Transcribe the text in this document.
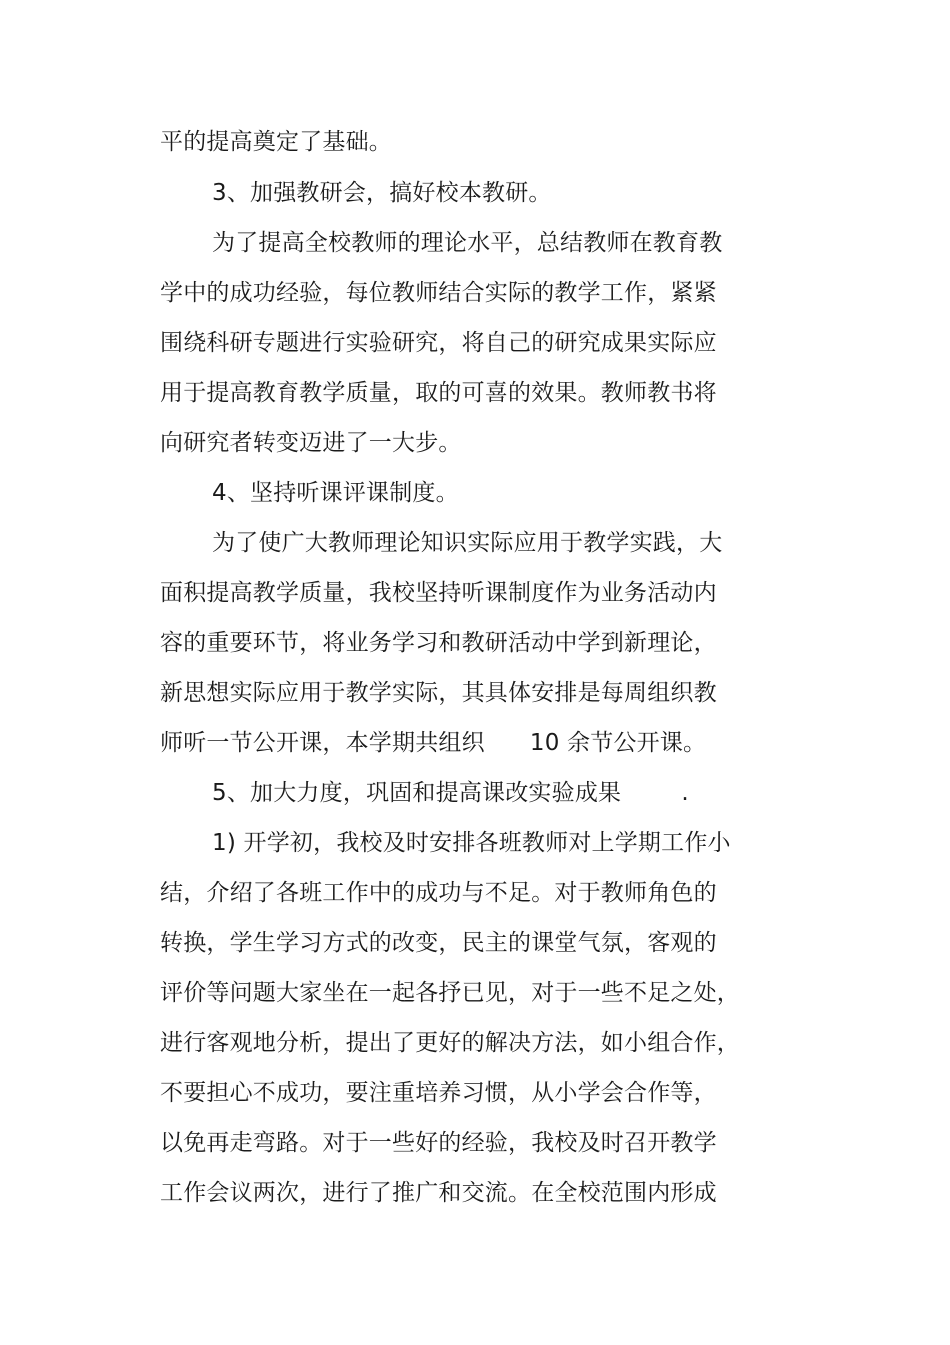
平的提高奠定了基础。
3、加强教研会，搞好校本教研。
为了提高全校教师的理论水平，总结教师在教育教
学中的成功经验，每位教师结合实际的教学工作，紧紧
围绕科研专题进行实验研究，将自己的研究成果实际应
用于提高教育教学质量，取的可喜的效果。教师教书将
向研究者转变迈进了一大步。
4、坚持听课评课制度。
为了使广大教师理论知识实际应用于教学实践，大
面积提高教学质量，我校坚持听课制度作为业务活动内
容的重要环节，将业务学习和教研活动中学到新理论，
新思想实际应用于教学实际，其具体安排是每周组织教
师听一节公开课，本学期共组织      10 余节公开课。
5、加大力度，巩固和提高课改实验成果        .
1) 开学初，我校及时安排各班教师对上学期工作小
结，介绍了各班工作中的成功与不足。对于教师角色的
转换，学生学习方式的改变，民主的课堂气氛，客观的
评价等问题大家坐在一起各抒已见，对于一些不足之处，
进行客观地分析，提出了更好的解决方法，如小组合作，
不要担心不成功，要注重培养习惯，从小学会合作等，
以免再走弯路。对于一些好的经验，我校及时召开教学
工作会议两次，进行了推广和交流。在全校范围内形成
